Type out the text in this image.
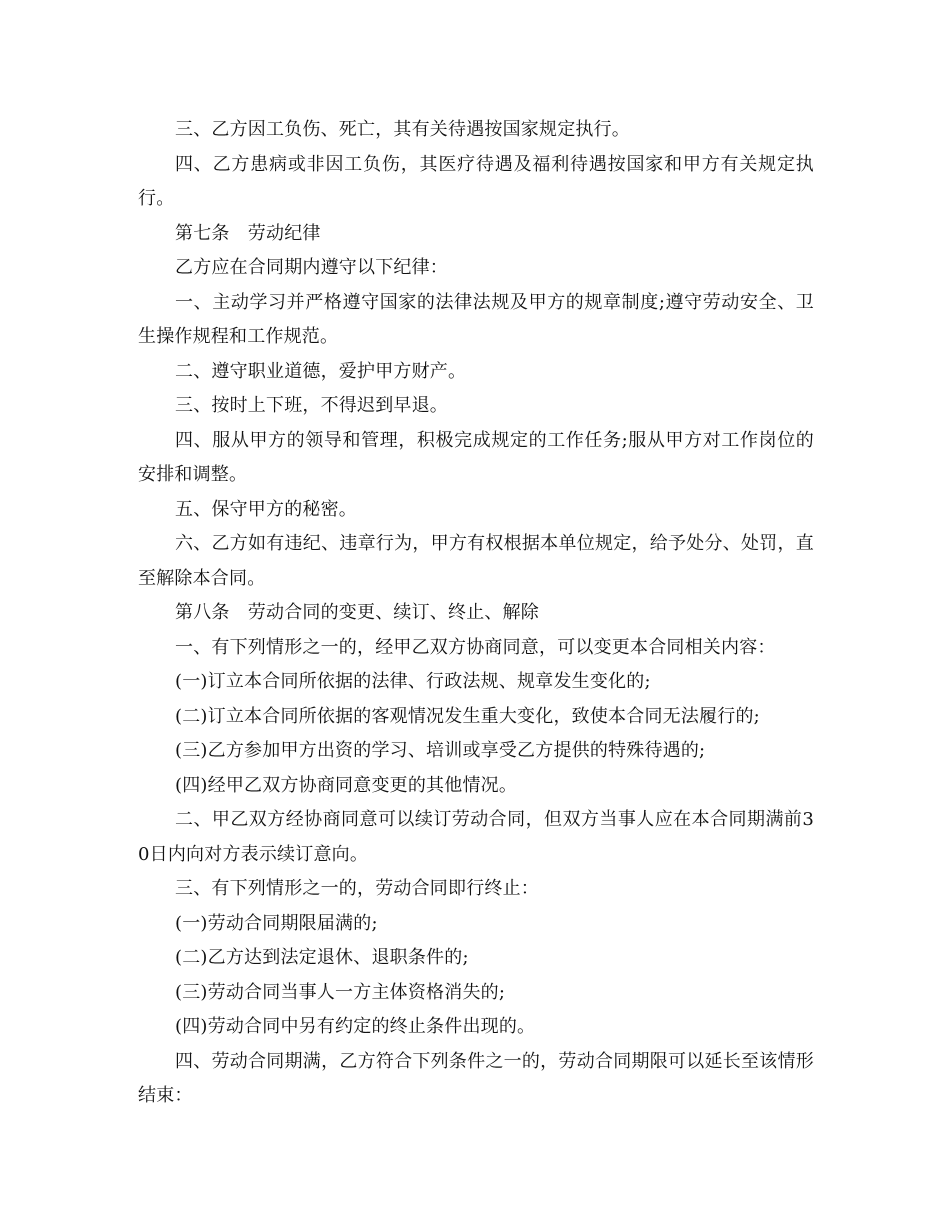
三、乙方因工负伤、死亡，其有关待遇按国家规定执行。

四、乙方患病或非因工负伤，其医疗待遇及福利待遇按国家和甲方有关规定执行。

第七条　劳动纪律

乙方应在合同期内遵守以下纪律：

一、主动学习并严格遵守国家的法律法规及甲方的规章制度;遵守劳动安全、卫生操作规程和工作规范。

二、遵守职业道德，爱护甲方财产。

三、按时上下班，不得迟到早退。

四、服从甲方的领导和管理，积极完成规定的工作任务;服从甲方对工作岗位的安排和调整。

五、保守甲方的秘密。

六、乙方如有违纪、违章行为，甲方有权根据本单位规定，给予处分、处罚，直至解除本合同。

第八条　劳动合同的变更、续订、终止、解除

一、有下列情形之一的，经甲乙双方协商同意，可以变更本合同相关内容：

(一)订立本合同所依据的法律、行政法规、规章发生变化的;

(二)订立本合同所依据的客观情况发生重大变化，致使本合同无法履行的;

(三)乙方参加甲方出资的学习、培训或享受乙方提供的特殊待遇的;

(四)经甲乙双方协商同意变更的其他情况。

二、甲乙双方经协商同意可以续订劳动合同，但双方当事人应在本合同期满前30日内向对方表示续订意向。

三、有下列情形之一的，劳动合同即行终止：

(一)劳动合同期限届满的;

(二)乙方达到法定退休、退职条件的;

(三)劳动合同当事人一方主体资格消失的;

(四)劳动合同中另有约定的终止条件出现的。

四、劳动合同期满，乙方符合下列条件之一的，劳动合同期限可以延长至该情形结束：
